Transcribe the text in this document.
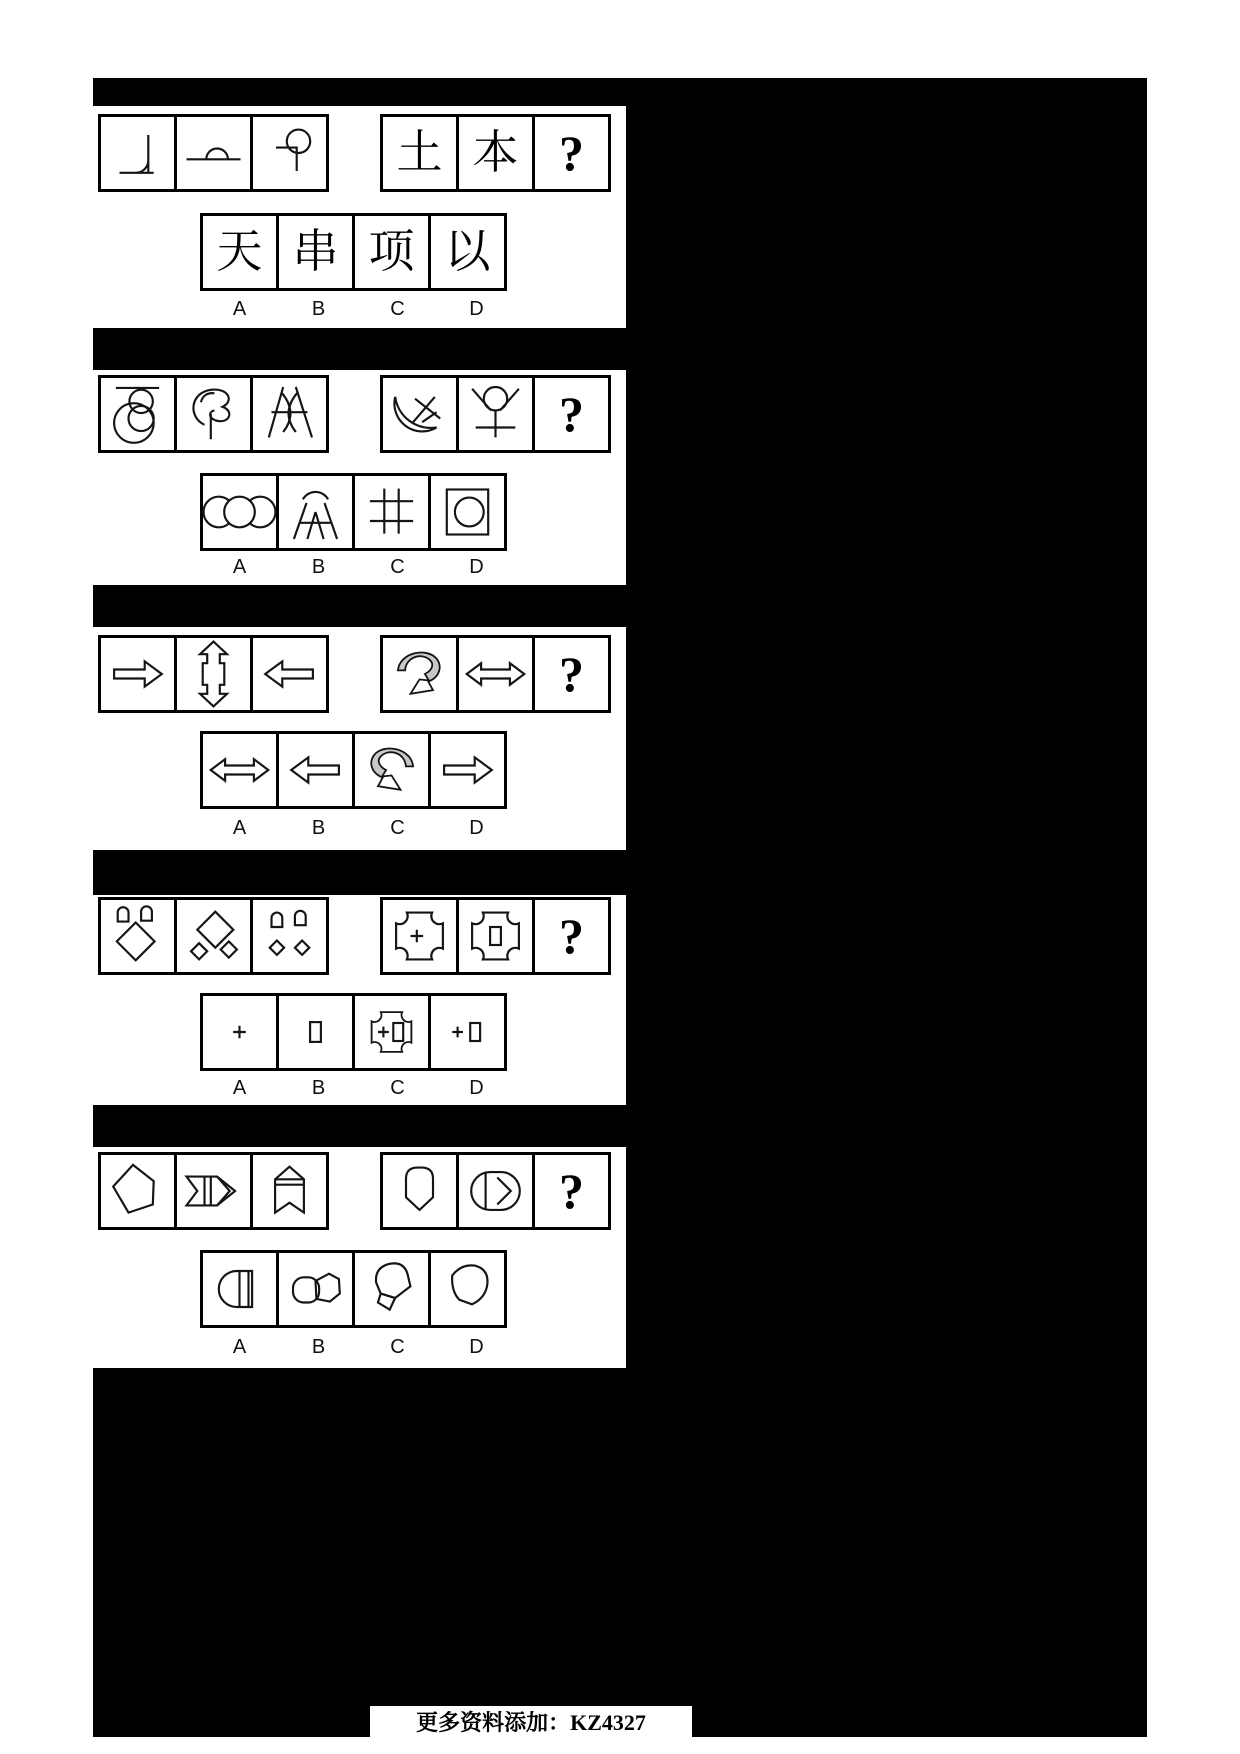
土 本 ?
天 串 项 以
A	B	C	D
?
A	B	C	D
?
A	B	C	D
?
A	B	C	D
?
A	B	C	D
更多资料添加：KZ4327
